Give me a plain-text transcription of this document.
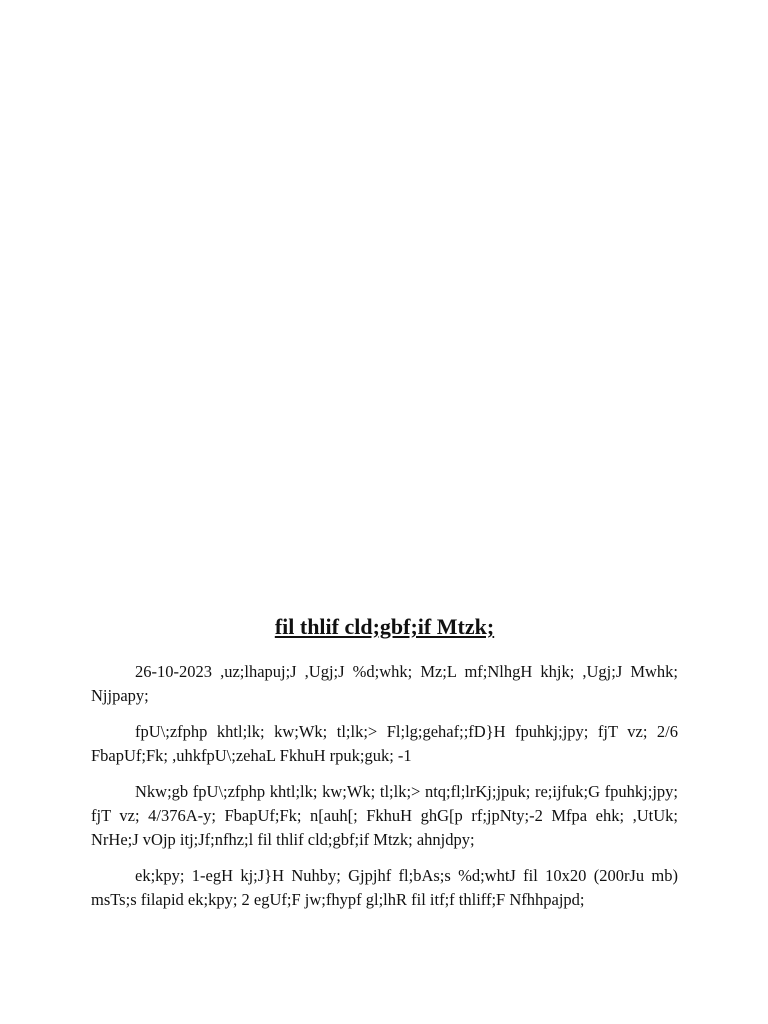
fil thlif cld;gbf;if Mtzk;

26-10-2023 ,uz;lhapuj;J ,Ugj;J %d;whk; Mz;L mf;NlhgH khjk; ,Ugj;J Mwhk; Njjpapy;

fpU\;zfphp khtl;lk; kw;Wk; tl;lk;> Fl;lg;gehaf;;fD}H fpuhkj;jpy; fjT vz; 2/6 FbapUf;Fk; ,uhkfpU\;zehaL FkhuH rpuk;guk; -1

Nkw;gb fpU\;zfphp khtl;lk; kw;Wk; tl;lk;> ntq;fl;lrKj;jpuk; re;ijfuk;G fpuhkj;jpy; fjT vz; 4/376A-y; FbapUf;Fk; n[auh[; FkhuH ghG[p rf;jpNty;-2 Mfpa ehk; ,UtUk; NrHe;J vOjp itj;Jf;nfhz;l fil thlif cld;gbf;if Mtzk; ahnjdpy;

ek;kpy; 1-egH kj;J}H Nuhby; Gjpjhf fl;bAs;s %d;whtJ fil 10x20 (200rJu mb) msTs;s filapid ek;kpy; 2 egUf;F jw;fhypf gl;lhR fil itf;f thliff;F Nfhhpajpd;
